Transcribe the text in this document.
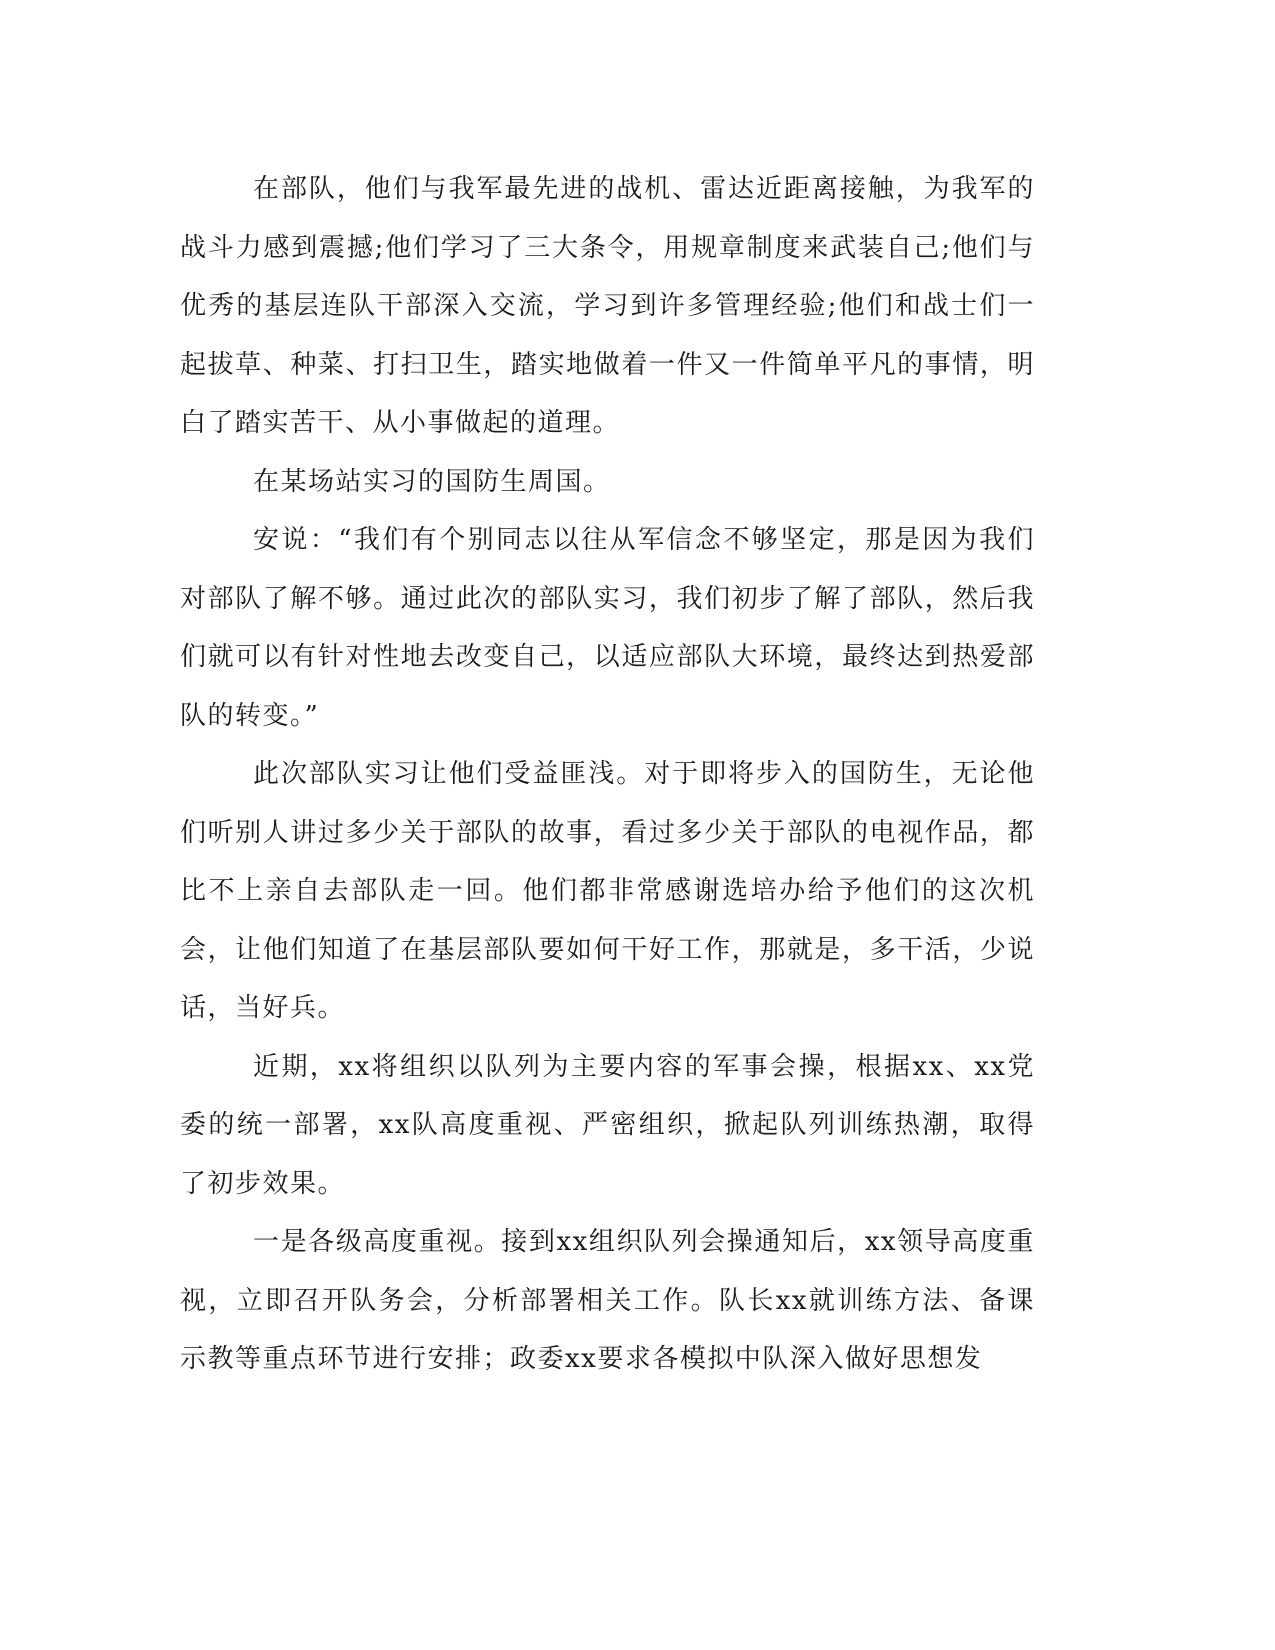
在部队，他们与我军最先进的战机、雷达近距离接触，为我军的战斗力感到震撼;他们学习了三大条令，用规章制度来武装自己;他们与优秀的基层连队干部深入交流，学习到许多管理经验;他们和战士们一起拔草、种菜、打扫卫生，踏实地做着一件又一件简单平凡的事情，明白了踏实苦干、从小事做起的道理。

在某场站实习的国防生周国。

安说：“我们有个别同志以往从军信念不够坚定，那是因为我们对部队了解不够。通过此次的部队实习，我们初步了解了部队，然后我们就可以有针对性地去改变自己，以适应部队大环境，最终达到热爱部队的转变。”

此次部队实习让他们受益匪浅。对于即将步入的国防生，无论他们听别人讲过多少关于部队的故事，看过多少关于部队的电视作品，都比不上亲自去部队走一回。他们都非常感谢选培办给予他们的这次机会，让他们知道了在基层部队要如何干好工作，那就是，多干活，少说话，当好兵。

近期，xx将组织以队列为主要内容的军事会操，根据xx、xx党委的统一部署，xx队高度重视、严密组织，掀起队列训练热潮，取得了初步效果。

一是各级高度重视。接到xx组织队列会操通知后，xx领导高度重视，立即召开队务会，分析部署相关工作。队长xx就训练方法、备课示教等重点环节进行安排；政委xx要求各模拟中队深入做好思想发
